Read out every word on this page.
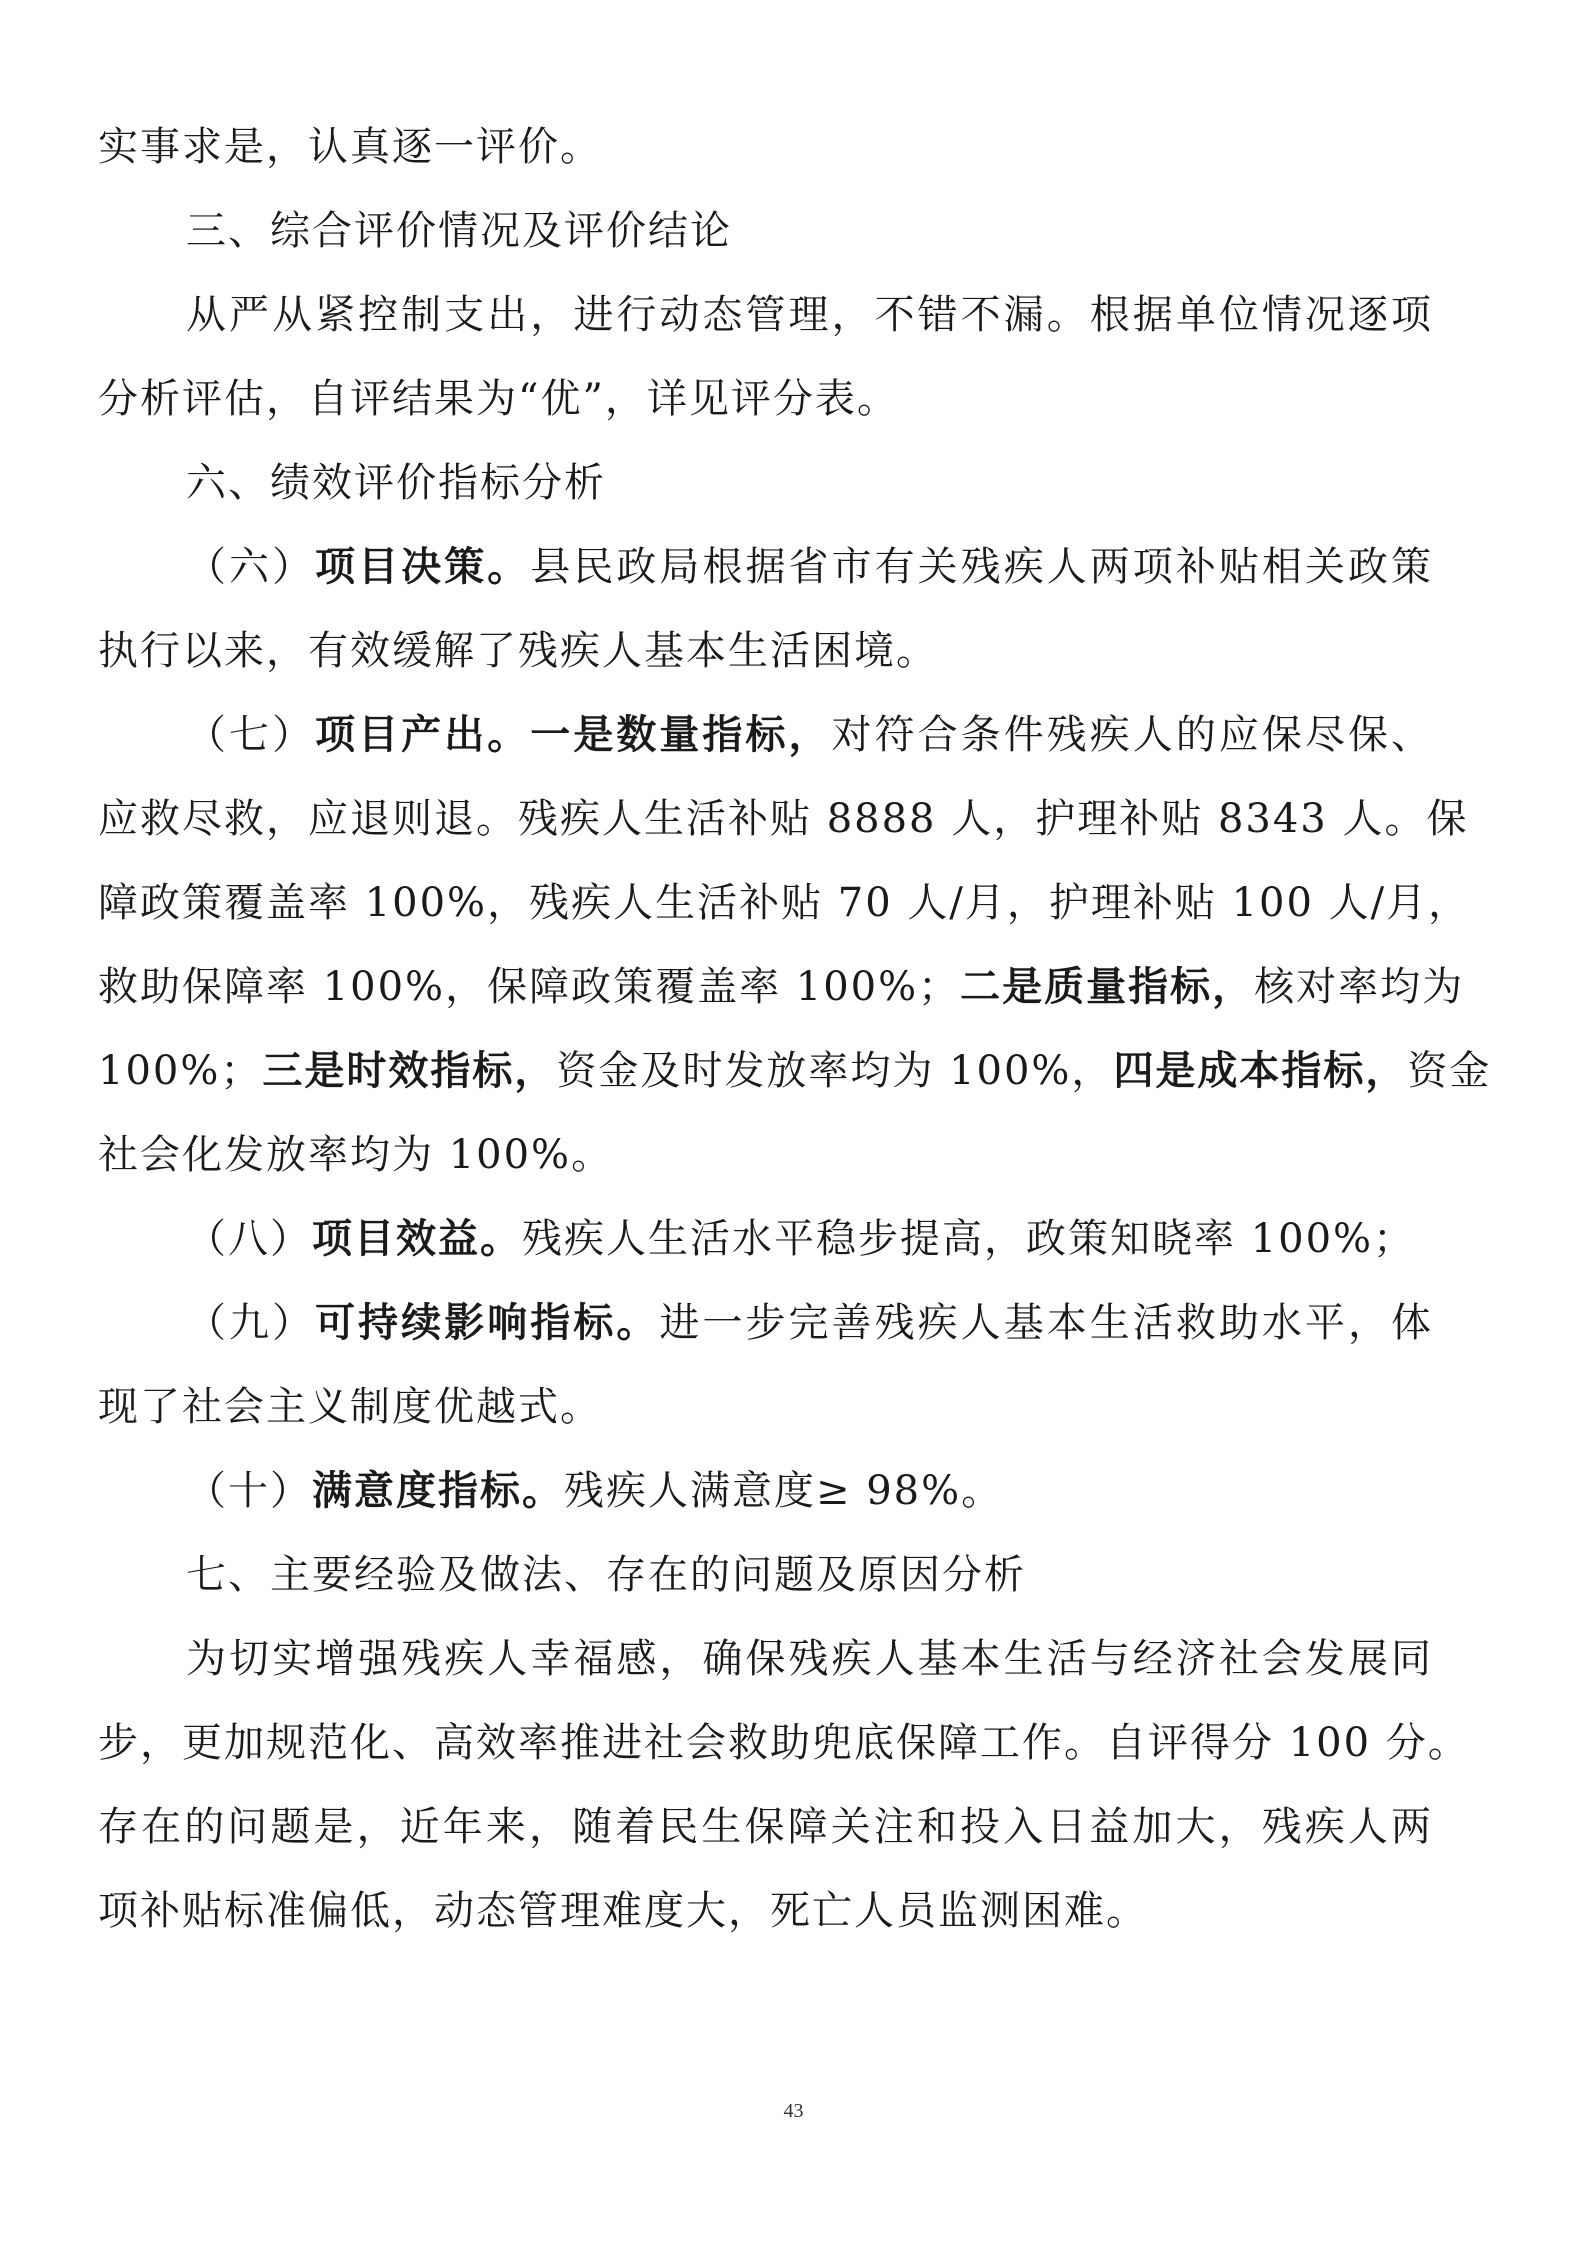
实事求是，认真逐一评价。
三、综合评价情况及评价结论
从严从紧控制支出，进行动态管理，不错不漏。根据单位情况逐项
分析评估，自评结果为“优”，详见评分表。
六、绩效评价指标分析
（六）项目决策。县民政局根据省市有关残疾人两项补贴相关政策
执行以来，有效缓解了残疾人基本生活困境。
（七）项目产出。一是数量指标，对符合条件残疾人的应保尽保、
应救尽救，应退则退。残疾人生活补贴 8888 人，护理补贴 8343 人。保
障政策覆盖率 100%，残疾人生活补贴 70 人/月，护理补贴 100 人/月，
救助保障率 100%，保障政策覆盖率 100%；二是质量指标，核对率均为
100%；三是时效指标，资金及时发放率均为 100%，四是成本指标，资金
社会化发放率均为 100%。
（八）项目效益。残疾人生活水平稳步提高，政策知晓率 100%；
（九）可持续影响指标。进一步完善残疾人基本生活救助水平，体
现了社会主义制度优越式。
（十）满意度指标。残疾人满意度≥ 98%。
七、主要经验及做法、存在的问题及原因分析
为切实增强残疾人幸福感，确保残疾人基本生活与经济社会发展同
步，更加规范化、高效率推进社会救助兜底保障工作。自评得分 100 分。
存在的问题是，近年来，随着民生保障关注和投入日益加大，残疾人两
项补贴标准偏低，动态管理难度大，死亡人员监测困难。
43
